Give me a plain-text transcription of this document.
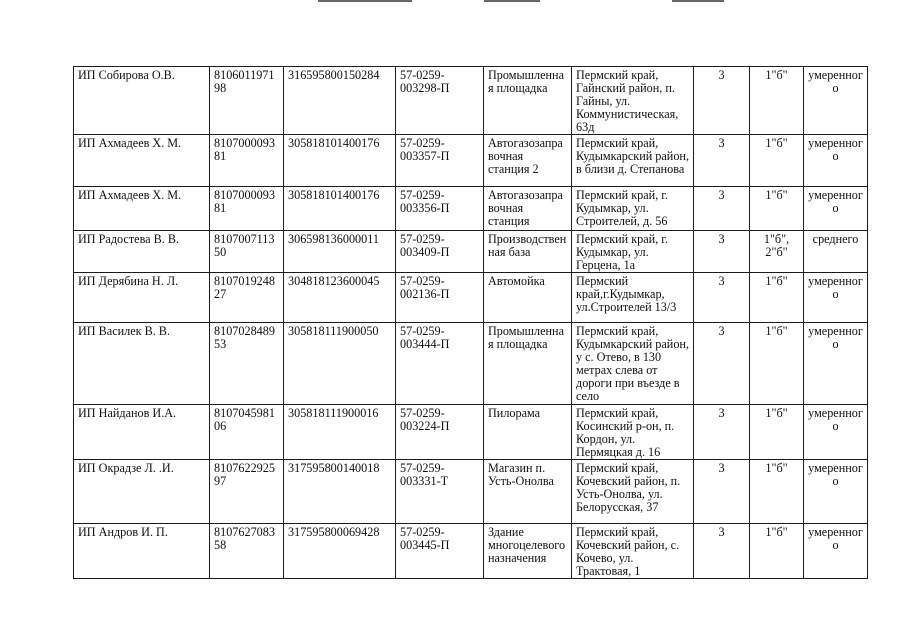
ИП Собирова О.В.	8106011971 98	316595800150284	57-0259-003298-П	Промышленная площадка	Пермский край, Гайнский район, п. Гайны, ул. Коммунистическая, 63д	3	1"б"	умеренного
ИП Ахмадеев Х. М.	8107000093 81	305818101400176	57-0259-003357-П	Автогазозаправочная станция 2	Пермский край, Кудымкарский район, в близи д. Степанова	3	1"б"	умеренного
ИП Ахмадеев Х. М.	8107000093 81	305818101400176	57-0259-003356-П	Автогазозаправочная станция	Пермский край, г. Кудымкар, ул. Строителей, д. 56	3	1"б"	умеренного
ИП Радостева В. В.	8107007113 50	306598136000011	57-0259-003409-П	Производственная база	Пермский край, г. Кудымкар, ул. Герцена, 1а	3	1"б", 2"б"	среднего
ИП Дерябина Н. Л.	8107019248 27	304818123600045	57-0259-002136-П	Автомойка	Пермский край,г.Кудымкар, ул.Строителей 13/3	3	1"б"	умеренного
ИП Василек В. В.	8107028489 53	305818111900050	57-0259-003444-П	Промышленная площадка	Пермский край, Кудымкарский район, у с. Отево, в 130 метрах слева от дороги при въезде в село	3	1"б"	умеренного
ИП Найданов И.А.	8107045981 06	305818111900016	57-0259-003224-П	Пилорама	Пермский край, Косинский р-он, п. Кордон, ул. Пермяцкая д. 16	3	1"б"	умеренного
ИП Окрадзе Л. .И.	8107622925 97	317595800140018	57-0259-003331-Т	Магазин п. Усть-Онолва	Пермский край, Кочевский район, п. Усть-Онолва, ул. Белорусская, 37	3	1"б"	умеренного
ИП Андров И. П.	8107627083 58	317595800069428	57-0259-003445-П	Здание многоцелевого назначения	Пермский край, Кочевский район, с. Кочево, ул. Трактовая, 1	3	1"б"	умеренного
